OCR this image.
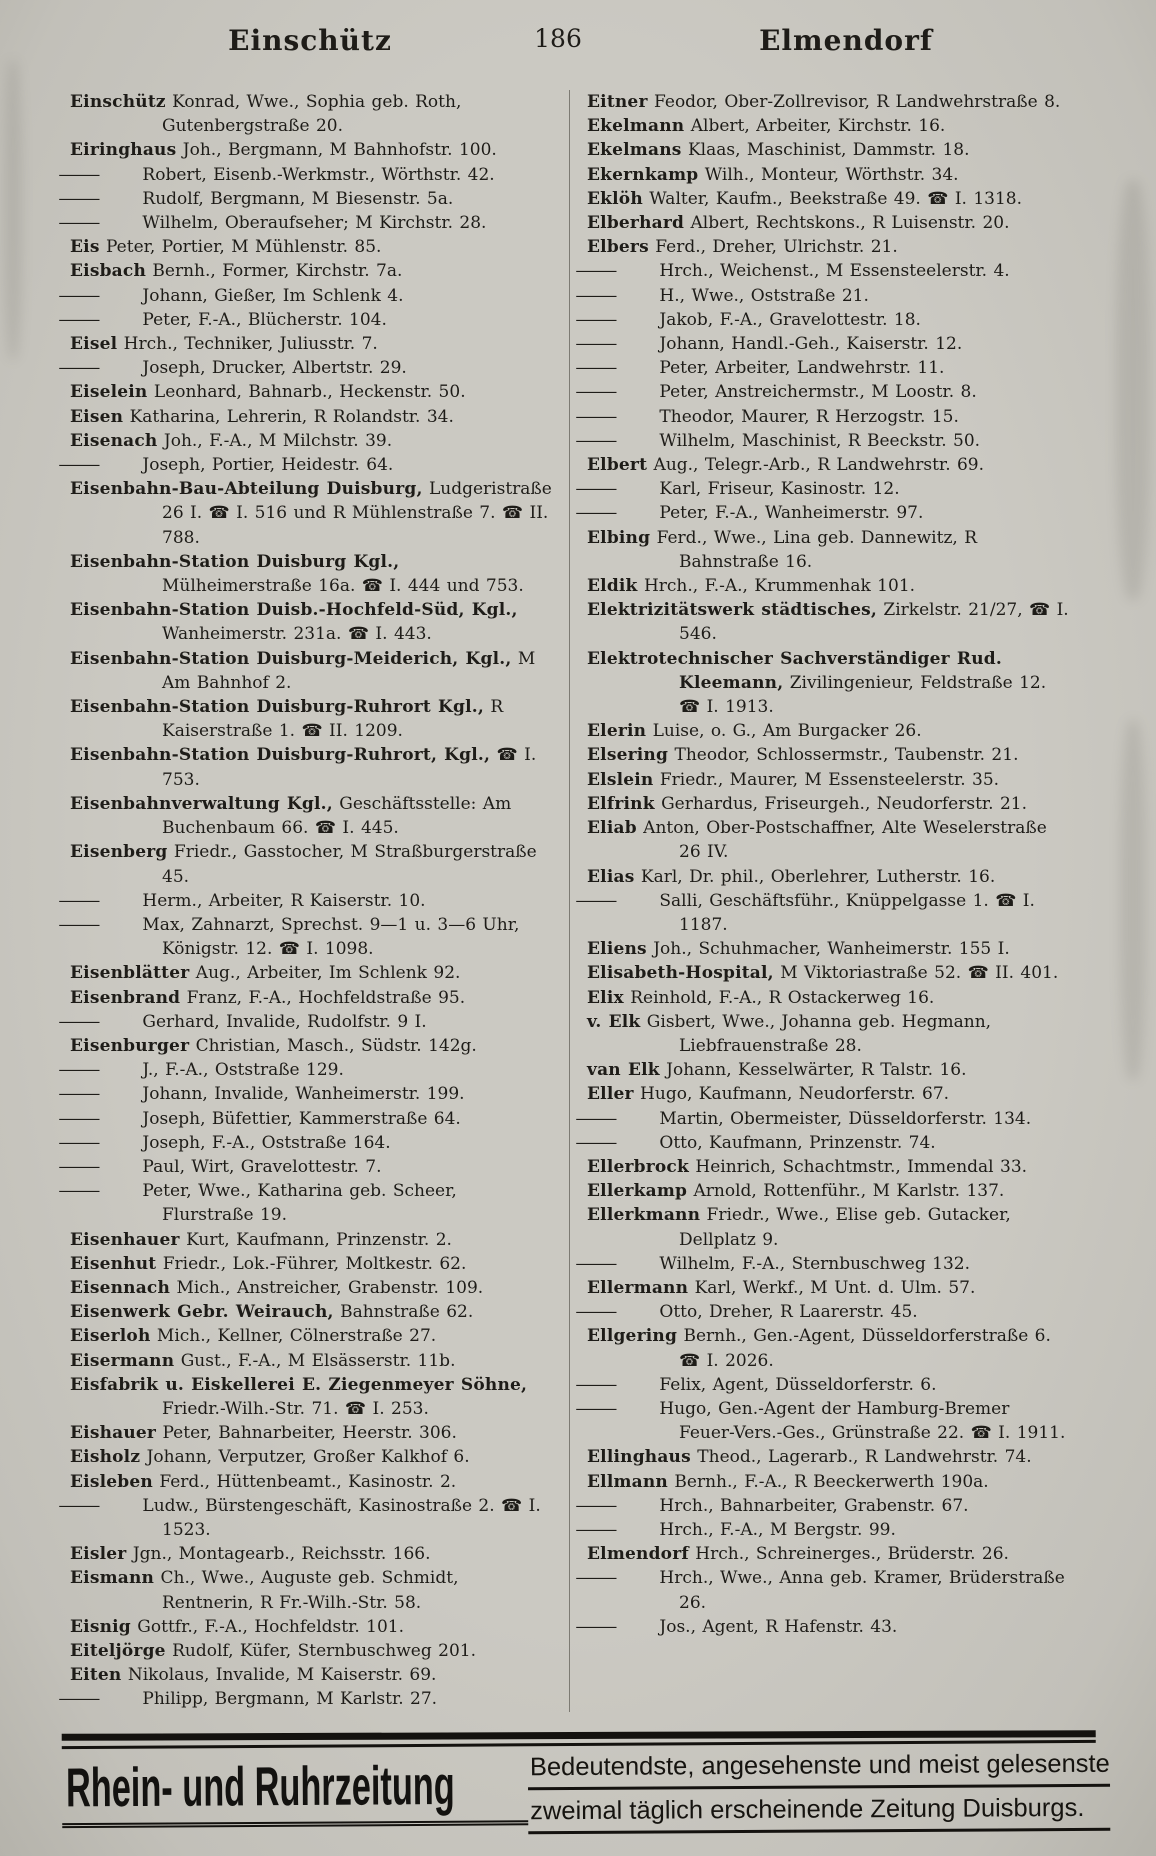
Einschütz	186	Elmendorf
Einschütz Konrad, Wwe., Sophia geb. Roth, Gutenbergstraße 20.
Eiringhaus Joh., Bergmann, M Bahnhofstr. 100.
— Robert, Eisenb.-Werkmstr., Wörthstr. 42.
— Rudolf, Bergmann, M Biesenstr. 5a.
— Wilhelm, Oberaufseher; M Kirchstr. 28.
Eis Peter, Portier, M Mühlenstr. 85.
Eisbach Bernh., Former, Kirchstr. 7a.
— Johann, Gießer, Im Schlenk 4.
— Peter, F.-A., Blücherstr. 104.
Eisel Hrch., Techniker, Juliusstr. 7.
— Joseph, Drucker, Albertstr. 29.
Eiselein Leonhard, Bahnarb., Heckenstr. 50.
Eisen Katharina, Lehrerin, R Rolandstr. 34.
Eisenach Joh., F.-A., M Milchstr. 39.
— Joseph, Portier, Heidestr. 64.
Eisenbahn-Bau-Abteilung Duisburg, Ludgeristraße 26 I. ☎ I. 516 und R Mühlenstraße 7. ☎ II. 788.
Eisenbahn-Station Duisburg Kgl., Mülheimerstraße 16a. ☎ I. 444 und 753.
Eisenbahn-Station Duisb.-Hochfeld-Süd, Kgl., Wanheimerstr. 231a. ☎ I. 443.
Eisenbahn-Station Duisburg-Meiderich, Kgl., M Am Bahnhof 2.
Eisenbahn-Station Duisburg-Ruhrort Kgl., R Kaiserstraße 1. ☎ II. 1209.
Eisenbahn-Station Duisburg-Ruhrort, Kgl., ☎ I. 753.
Eisenbahnverwaltung Kgl., Geschäftsstelle: Am Buchenbaum 66. ☎ I. 445.
Eisenberg Friedr., Gasstocher, M Straßburgerstraße 45.
— Herm., Arbeiter, R Kaiserstr. 10.
— Max, Zahnarzt, Sprechst. 9—1 u. 3—6 Uhr, Königstr. 12. ☎ I. 1098.
Eisenblätter Aug., Arbeiter, Im Schlenk 92.
Eisenbrand Franz, F.-A., Hochfeldstraße 95.
— Gerhard, Invalide, Rudolfstr. 9 I.
Eisenburger Christian, Masch., Südstr. 142g.
— J., F.-A., Oststraße 129.
— Johann, Invalide, Wanheimerstr. 199.
— Joseph, Büfettier, Kammerstraße 64.
— Joseph, F.-A., Oststraße 164.
— Paul, Wirt, Gravelottestr. 7.
— Peter, Wwe., Katharina geb. Scheer, Flurstraße 19.
Eisenhauer Kurt, Kaufmann, Prinzenstr. 2.
Eisenhut Friedr., Lok.-Führer, Moltkestr. 62.
Eisennach Mich., Anstreicher, Grabenstr. 109.
Eisenwerk Gebr. Weirauch, Bahnstraße 62.
Eiserloh Mich., Kellner, Cölnerstraße 27.
Eisermann Gust., F.-A., M Elsässerstr. 11b.
Eisfabrik u. Eiskellerei E. Ziegenmeyer Söhne, Friedr.-Wilh.-Str. 71. ☎ I. 253.
Eishauer Peter, Bahnarbeiter, Heerstr. 306.
Eisholz Johann, Verputzer, Großer Kalkhof 6.
Eisleben Ferd., Hüttenbeamt., Kasinostr. 2.
— Ludw., Bürstengeschäft, Kasinostraße 2. ☎ I. 1523.
Eisler Jgn., Montagearb., Reichsstr. 166.
Eismann Ch., Wwe., Auguste geb. Schmidt, Rentnerin, R Fr.-Wilh.-Str. 58.
Eisnig Gottfr., F.-A., Hochfeldstr. 101.
Eiteljörge Rudolf, Küfer, Sternbuschweg 201.
Eiten Nikolaus, Invalide, M Kaiserstr. 69.
— Philipp, Bergmann, M Karlstr. 27.
Eitner Feodor, Ober-Zollrevisor, R Landwehrstraße 8.
Ekelmann Albert, Arbeiter, Kirchstr. 16.
Ekelmans Klaas, Maschinist, Dammstr. 18.
Ekernkamp Wilh., Monteur, Wörthstr. 34.
Eklöh Walter, Kaufm., Beekstraße 49. ☎ I. 1318.
Elberhard Albert, Rechtskons., R Luisenstr. 20.
Elbers Ferd., Dreher, Ulrichstr. 21.
— Hrch., Weichenst., M Essensteelerstr. 4.
— H., Wwe., Oststraße 21.
— Jakob, F.-A., Gravelottestr. 18.
— Johann, Handl.-Geh., Kaiserstr. 12.
— Peter, Arbeiter, Landwehrstr. 11.
— Peter, Anstreichermstr., M Loostr. 8.
— Theodor, Maurer, R Herzogstr. 15.
— Wilhelm, Maschinist, R Beeckstr. 50.
Elbert Aug., Telegr.-Arb., R Landwehrstr. 69.
— Karl, Friseur, Kasinostr. 12.
— Peter, F.-A., Wanheimerstr. 97.
Elbing Ferd., Wwe., Lina geb. Dannewitz, R Bahnstraße 16.
Eldik Hrch., F.-A., Krummenhak 101.
Elektrizitätswerk städtisches, Zirkelstr. 21/27, ☎ I. 546.
Elektrotechnischer Sachverständiger Rud. Kleemann, Zivilingenieur, Feldstraße 12. ☎ I. 1913.
Elerin Luise, o. G., Am Burgacker 26.
Elsering Theodor, Schlossermstr., Taubenstr. 21.
Elslein Friedr., Maurer, M Essensteelerstr. 35.
Elfrink Gerhardus, Friseurgeh., Neudorferstr. 21.
Eliab Anton, Ober-Postschaffner, Alte Weselerstraße 26 IV.
Elias Karl, Dr. phil., Oberlehrer, Lutherstr. 16.
— Salli, Geschäftsführ., Knüppelgasse 1. ☎ I. 1187.
Eliens Joh., Schuhmacher, Wanheimerstr. 155 I.
Elisabeth-Hospital, M Viktoriastraße 52. ☎ II. 401.
Elix Reinhold, F.-A., R Ostackerweg 16.
v. Elk Gisbert, Wwe., Johanna geb. Hegmann, Liebfrauenstraße 28.
van Elk Johann, Kesselwärter, R Talstr. 16.
Eller Hugo, Kaufmann, Neudorferstr. 67.
— Martin, Obermeister, Düsseldorferstr. 134.
— Otto, Kaufmann, Prinzenstr. 74.
Ellerbrock Heinrich, Schachtmstr., Immendal 33.
Ellerkamp Arnold, Rottenführ., M Karlstr. 137.
Ellerkmann Friedr., Wwe., Elise geb. Gutacker, Dellplatz 9.
— Wilhelm, F.-A., Sternbuschweg 132.
Ellermann Karl, Werkf., M Unt. d. Ulm. 57.
— Otto, Dreher, R Laarerstr. 45.
Ellgering Bernh., Gen.-Agent, Düsseldorferstraße 6. ☎ I. 2026.
— Felix, Agent, Düsseldorferstr. 6.
— Hugo, Gen.-Agent der Hamburg-Bremer Feuer-Vers.-Ges., Grünstraße 22. ☎ I. 1911.
Ellinghaus Theod., Lagerarb., R Landwehrstr. 74.
Ellmann Bernh., F.-A., R Beeckerwerth 190a.
— Hrch., Bahnarbeiter, Grabenstr. 67.
— Hrch., F.-A., M Bergstr. 99.
Elmendorf Hrch., Schreinerges., Brüderstr. 26.
— Hrch., Wwe., Anna geb. Kramer, Brüderstraße 26.
— Jos., Agent, R Hafenstr. 43.
Rhein- und Ruhrzeitung	Bedeutendste, angesehenste und meist gelesenste
zweimal täglich erscheinende Zeitung Duisburgs.
